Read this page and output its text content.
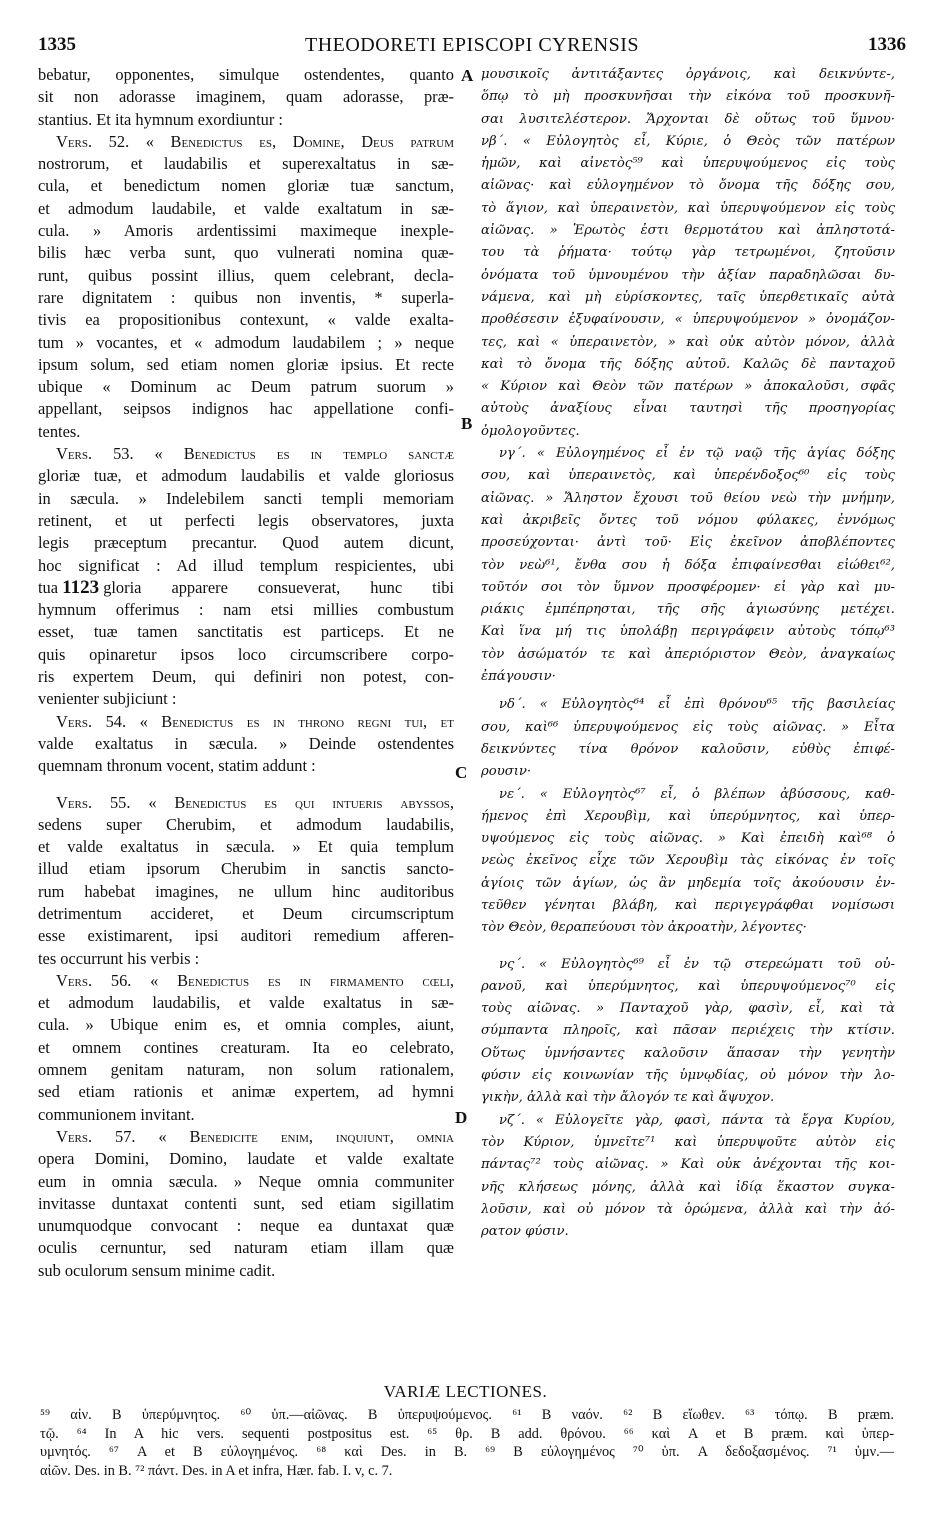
1335	THEODORETI EPISCOPI CYRENSIS	1336
A
B
C
D
bebatur, opponentes, simulque ostendentes, quanto
sit non adorasse imaginem, quam adorasse, præ-
stantius. Et ita hymnum exordiuntur :
Vers. 52. « Benedictus es, Domine, Deus patrum
nostrorum, et laudabilis et superexaltatus in sæ-
cula, et benedictum nomen gloriæ tuæ sanctum,
et admodum laudabile, et valde exaltatum in sæ-
cula. » Amoris ardentissimi maximeque inexple-
bilis hæc verba sunt, quo vulnerati nomina quæ-
runt, quibus possint illius, quem celebrant, decla-
rare dignitatem : quibus non inventis, * superla-
tivis ea propositionibus contexunt, « valde exalta-
tum » vocantes, et « admodum laudabilem ; » neque
ipsum solum, sed etiam nomen gloriæ ipsius. Et recte
ubique « Dominum ac Deum patrum suorum »
appellant, seipsos indignos hac appellatione confi-
tentes.
Vers. 53. « Benedictus es in templo sanctæ
gloriæ tuæ, et admodum laudabilis et valde gloriosus
in sæcula. » Indelebilem sancti templi memoriam
retinent, et ut perfecti legis observatores, juxta
legis præceptum precantur. Quod autem dicunt,
hoc significat : Ad illud templum respicientes, ubi
tua 1123 gloria apparere consueverat, hunc tibi
hymnum offerimus : nam etsi millies combustum
esset, tuæ tamen sanctitatis est particeps. Et ne
quis opinaretur ipsos loco circumscribere corpo-
ris expertem Deum, qui definiri non potest, con-
venienter subjiciunt :
Vers. 54. « Benedictus es in throno regni tui, et
valde exaltatus in sæcula. » Deinde ostendentes
quemnam thronum vocent, statim addunt :
Vers. 55. « Benedictus es qui intueris abyssos,
sedens super Cherubim, et admodum laudabilis,
et valde exaltatus in sæcula. » Et quia templum
illud etiam ipsorum Cherubim in sanctis sancto-
rum habebat imagines, ne ullum hinc auditoribus
detrimentum accideret, et Deum circumscriptum
esse existimarent, ipsi auditori remedium afferen-
tes occurrunt his verbis :
Vers. 56. « Benedictus es in firmamento cœli,
et admodum laudabilis, et valde exaltatus in sæ-
cula. » Ubique enim es, et omnia comples, aiunt,
et omnem contines creaturam. Ita eo celebrato,
omnem genitam naturam, non solum rationalem,
sed etiam rationis et animæ expertem, ad hymni
communionem invitant.
Vers. 57. « Benedicite enim, inquiunt, omnia
opera Domini, Domino, laudate et valde exaltate
eum in omnia sæcula. » Neque omnia communiter
invitasse duntaxat contenti sunt, sed etiam sigillatim
unumquodque convocant : neque ea duntaxat quæ
oculis cernuntur, sed naturam etiam illam quæ
sub oculorum sensum minime cadit.
μουσικοῖς ἀντιτάξαντες ὀργάνοις, καὶ δεικνύντε-,
ὅπῳ τὸ μὴ προσκυνῆσαι τὴν εἰκόνα τοῦ προσκυνῆ-
σαι λυσιτελέστερον. Ἄρχονται δὲ οὕτως τοῦ ὕμνου·
νβ΄. « Εὐλογητὸς εἶ, Κύριε, ὁ Θεὸς τῶν πατέρων
ἡμῶν, καὶ αἰνετὸς⁵⁹ καὶ ὑπερυψούμενος εἰς τοὺς
αἰῶνας· καὶ εὐλογημένον τὸ ὄνομα τῆς δόξης σου,
τὸ ἅγιον, καὶ ὑπεραινετὸν, καὶ ὑπερυψούμενον εἰς τοὺς
αἰῶνας. » Ἐρωτὸς ἐστι θερμοτάτου καὶ ἀπληστοτά-
του τὰ ῥήματα· τούτῳ γὰρ τετρωμένοι, ζητοῦσιν
ὀνόματα τοῦ ὑμνουμένου τὴν ἀξίαν παραδηλῶσαι δυ-
νάμενα, καὶ μὴ εὑρίσκοντες, ταῖς ὑπερθετικαῖς αὐτὰ
προθέσεσιν ἐξυφαίνουσιν, « ὑπερυψούμενον » ὀνομάζον-
τες, καὶ « ὑπεραινετὸν, » καὶ οὐκ αὐτὸν μόνον, ἀλλὰ
καὶ τὸ ὄνομα τῆς δόξης αὐτοῦ. Καλῶς δὲ πανταχοῦ
« Κύριον καὶ Θεὸν τῶν πατέρων » ἀποκαλοῦσι, σφᾶς
αὐτοὺς ἀναξίους εἶναι ταυτησὶ τῆς προσηγορίας
ὁμολογοῦντες.
νγ΄. « Εὐλογημένος εἶ ἐν τῷ ναῷ τῆς ἁγίας δόξης
σου, καὶ ὑπεραινετὸς, καὶ ὑπερένδοξος⁶⁰ εἰς τοὺς
αἰῶνας. » Ἄληστον ἔχουσι τοῦ θείου νεὼ τὴν μνήμην,
καὶ ἀκριβεῖς ὄντες τοῦ νόμου φύλακες, ἐννόμως
προσεύχονται· ἀντὶ τοῦ· Εἰς ἐκεῖνον ἀποβλέποντες
τὸν νεὼ⁶¹, ἔνθα σου ἡ δόξα ἐπιφαίνεσθαι εἰώθει⁶²,
τοῦτόν σοι τὸν ὕμνον προσφέρομεν· εἰ γὰρ καὶ μυ-
ριάκις ἐμπέπρησται, τῆς σῆς ἁγιωσύνης μετέχει.
Καὶ ἵνα μή τις ὑπολάβῃ περιγράφειν αὐτοὺς τόπῳ⁶³
τὸν ἀσώματόν τε καὶ ἀπεριόριστον Θεὸν, ἀναγκαίως
ἐπάγουσιν·
νδ΄. « Εὐλογητὸς⁶⁴ εἶ ἐπὶ θρόνου⁶⁵ τῆς βασιλείας
σου, καὶ⁶⁶ ὑπερυψούμενος εἰς τοὺς αἰῶνας. » Εἶτα
δεικνύντες τίνα θρόνον καλοῦσιν, εὐθὺς ἐπιφέ-
ρουσιν·
νε΄. « Εὐλογητὸς⁶⁷ εἶ, ὁ βλέπων ἀβύσσους, καθ-
ήμενος ἐπὶ Χερουβὶμ, καὶ ὑπερύμνητος, καὶ ὑπερ-
υψούμενος εἰς τοὺς αἰῶνας. » Καὶ ἐπειδὴ καὶ⁶⁸ ὁ
νεὼς ἐκεῖνος εἶχε τῶν Χερουβὶμ τὰς εἰκόνας ἐν τοῖς
ἁγίοις τῶν ἁγίων, ὡς ἂν μηδεμία τοῖς ἀκούουσιν ἐν-
τεῦθεν γένηται βλάβη, καὶ περιγεγράφθαι νομίσωσι
τὸν Θεὸν, θεραπεύουσι τὸν ἀκροατὴν, λέγοντες·
νς΄. « Εὐλογητὸς⁶⁹ εἶ ἐν τῷ στερεώματι τοῦ οὐ-
ρανοῦ, καὶ ὑπερύμνητος, καὶ ὑπερυψούμενος⁷⁰ εἰς
τοὺς αἰῶνας. » Πανταχοῦ γὰρ, φασὶν, εἶ, καὶ τὰ
σύμπαντα πληροῖς, καὶ πᾶσαν περιέχεις τὴν κτίσιν.
Οὕτως ὑμνήσαντες καλοῦσιν ἅπασαν τὴν γενητὴν
φύσιν εἰς κοινωνίαν τῆς ὑμνῳδίας, οὐ μόνον τὴν λο-
γικὴν, ἀλλὰ καὶ τὴν ἄλογόν τε καὶ ἄψυχον.
νζ΄. « Εὐλογεῖτε γὰρ, φασὶ, πάντα τὰ ἔργα Κυρίου,
τὸν Κύριον, ὑμνεῖτε⁷¹ καὶ ὑπερυψοῦτε αὐτὸν εἰς
πάντας⁷² τοὺς αἰῶνας. » Καὶ οὐκ ἀνέχονται τῆς κοι-
νῆς κλήσεως μόνης, ἀλλὰ καὶ ἰδίᾳ ἕκαστον συγκα-
λοῦσιν, καὶ οὐ μόνον τὰ ὁρώμενα, ἀλλὰ καὶ τὴν ἀό-
ρατον φύσιν.
VARIÆ LECTIONES.
⁵⁹ αἰν. B ὑπερύμνητος. ⁶⁰ ὑπ.—αἰῶνας. B ὑπερυψούμενος. ⁶¹ B ναόν. ⁶² B εἴωθεν. ⁶³ τόπῳ. B præm.
τῷ. ⁶⁴ In A hic vers. sequenti postpositus est. ⁶⁵ θρ. B add. θρόνου. ⁶⁶ καὶ A et B præm. καὶ ὑπερ-
υμνητός. ⁶⁷ A et B εὐλογημένος. ⁶⁸ καὶ Des. in B. ⁶⁹ B εὐλογημένος ⁷⁰ ὑπ. A δεδοξασμένος. ⁷¹ ὑμν.—
αἰῶν. Des. in B. ⁷² πάντ. Des. in A et infra, Hær. fab. I. v, c. 7.
